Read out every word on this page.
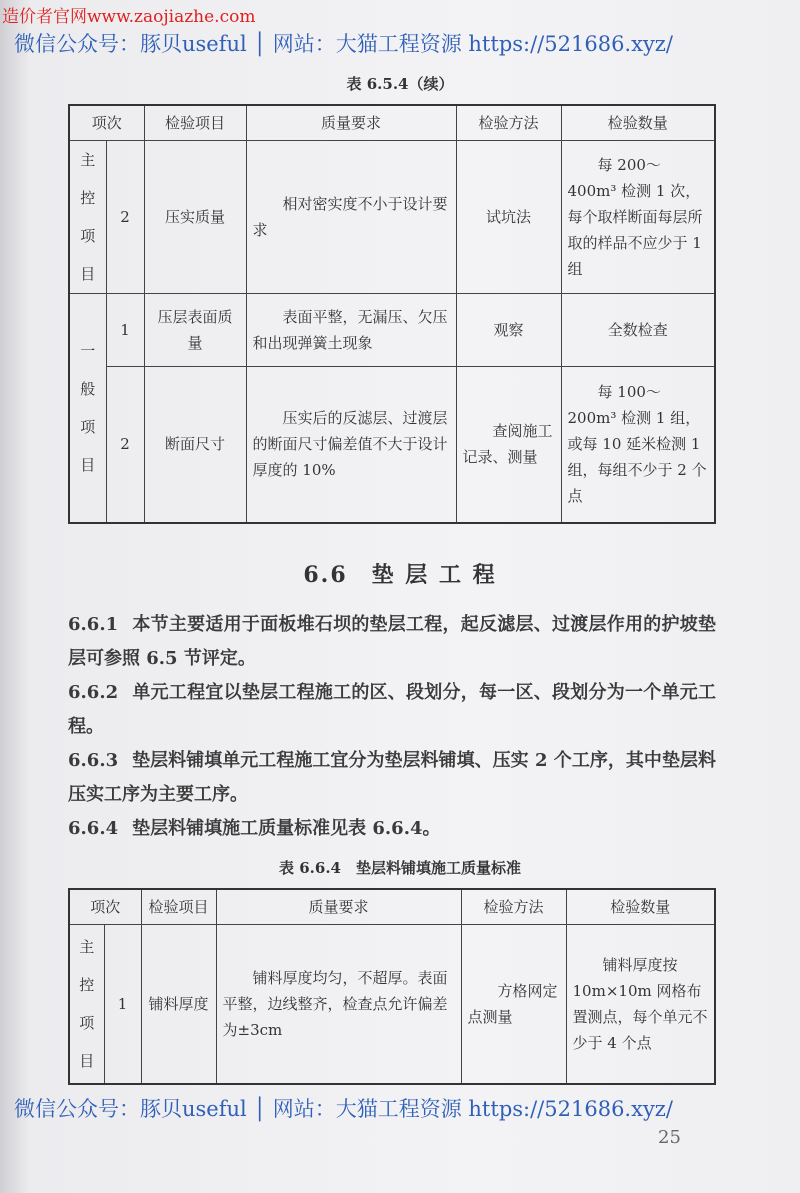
造价者官网www.zaojiazhe.com
微信公众号：豚贝useful │ 网站：大猫工程资源 https://521686.xyz/
表 6.5.4（续）
项次		检验项目	质量要求	检验方法	检验数量
主控项目	2	压实质量	相对密实度不小于设计要求	试坑法	每 200～400m³ 检测 1 次，每个取样断面每层所取的样品不应少于 1 组
一般项目	1	压层表面质量	表面平整，无漏压、欠压和出现弹簧土现象	观察	全数检查
	2	断面尺寸	压实后的反滤层、过渡层的断面尺寸偏差值不大于设计厚度的 10%	查阅施工记录、测量	每 100～200m³ 检测 1 组，或每 10 延米检测 1 组，每组不少于 2 个点
6.6　垫 层 工 程
6.6.1 本节主要适用于面板堆石坝的垫层工程，起反滤层、过渡层作用的护坡垫层可参照 6.5 节评定。
6.6.2 单元工程宜以垫层工程施工的区、段划分，每一区、段划分为一个单元工程。
6.6.3 垫层料铺填单元工程施工宜分为垫层料铺填、压实 2 个工序，其中垫层料压实工序为主要工序。
6.6.4 垫层料铺填施工质量标准见表 6.6.4。
表 6.6.4　垫层料铺填施工质量标准
项次		检验项目	质量要求	检验方法	检验数量
主控项目	1	铺料厚度	铺料厚度均匀，不超厚。表面平整，边线整齐，检查点允许偏差为±3cm	方格网定点测量	铺料厚度按 10m×10m 网格布置测点，每个单元不少于 4 个点
微信公众号：豚贝useful │ 网站：大猫工程资源 https://521686.xyz/
25
